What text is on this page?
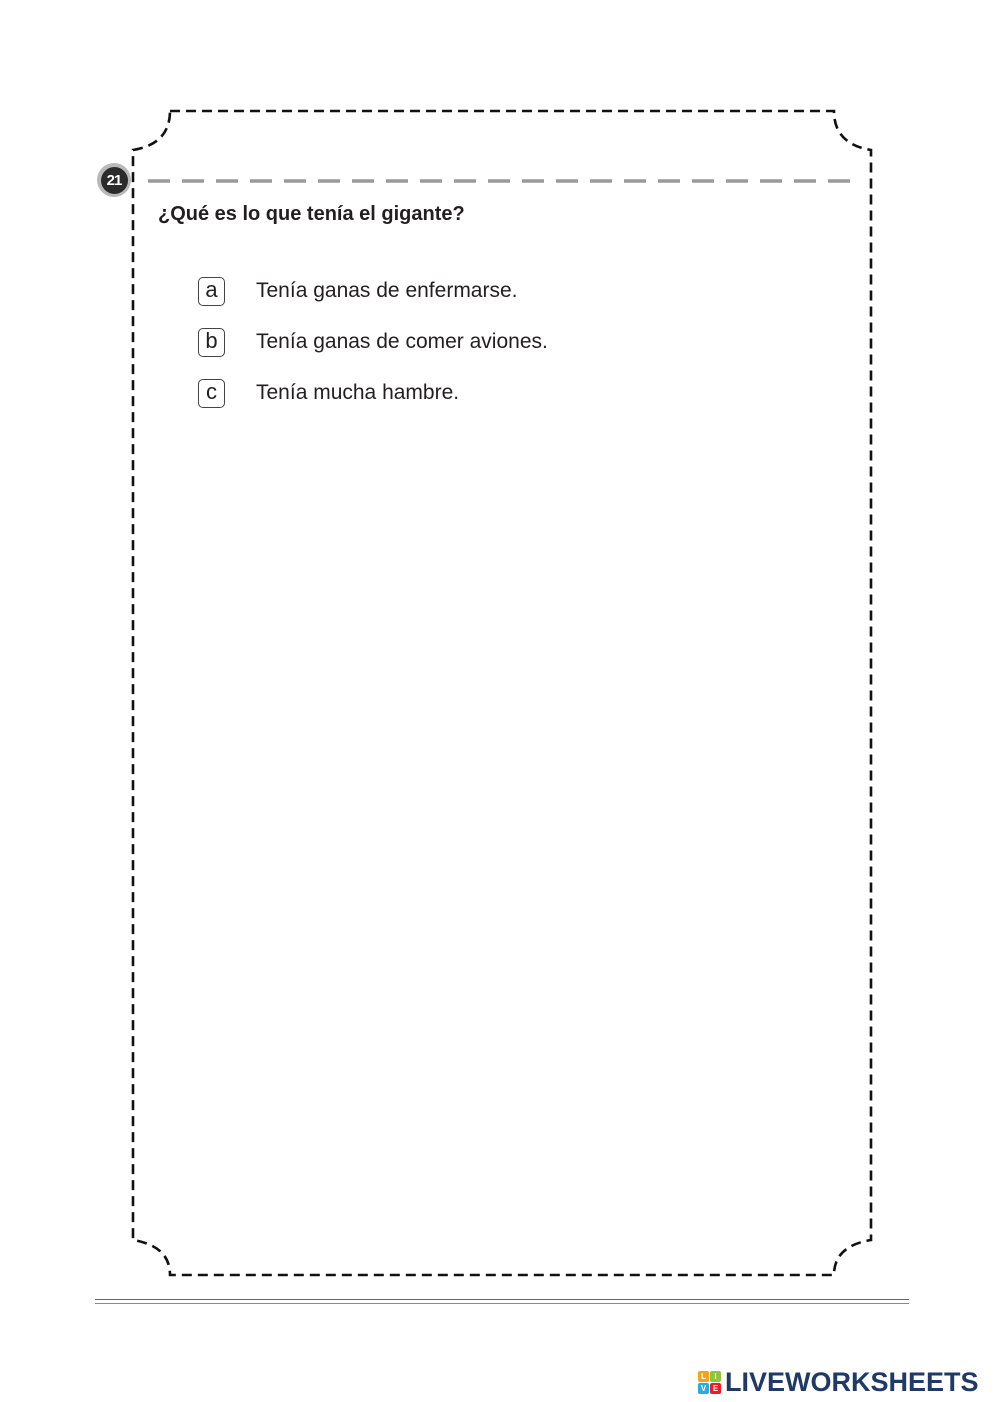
21
¿Qué es lo que tenía el gigante?
a	Tenía ganas de enfermarse.
b	Tenía ganas de comer aviones.
c	Tenía mucha hambre.
L	I
V E LIVEWORKSHEETS
